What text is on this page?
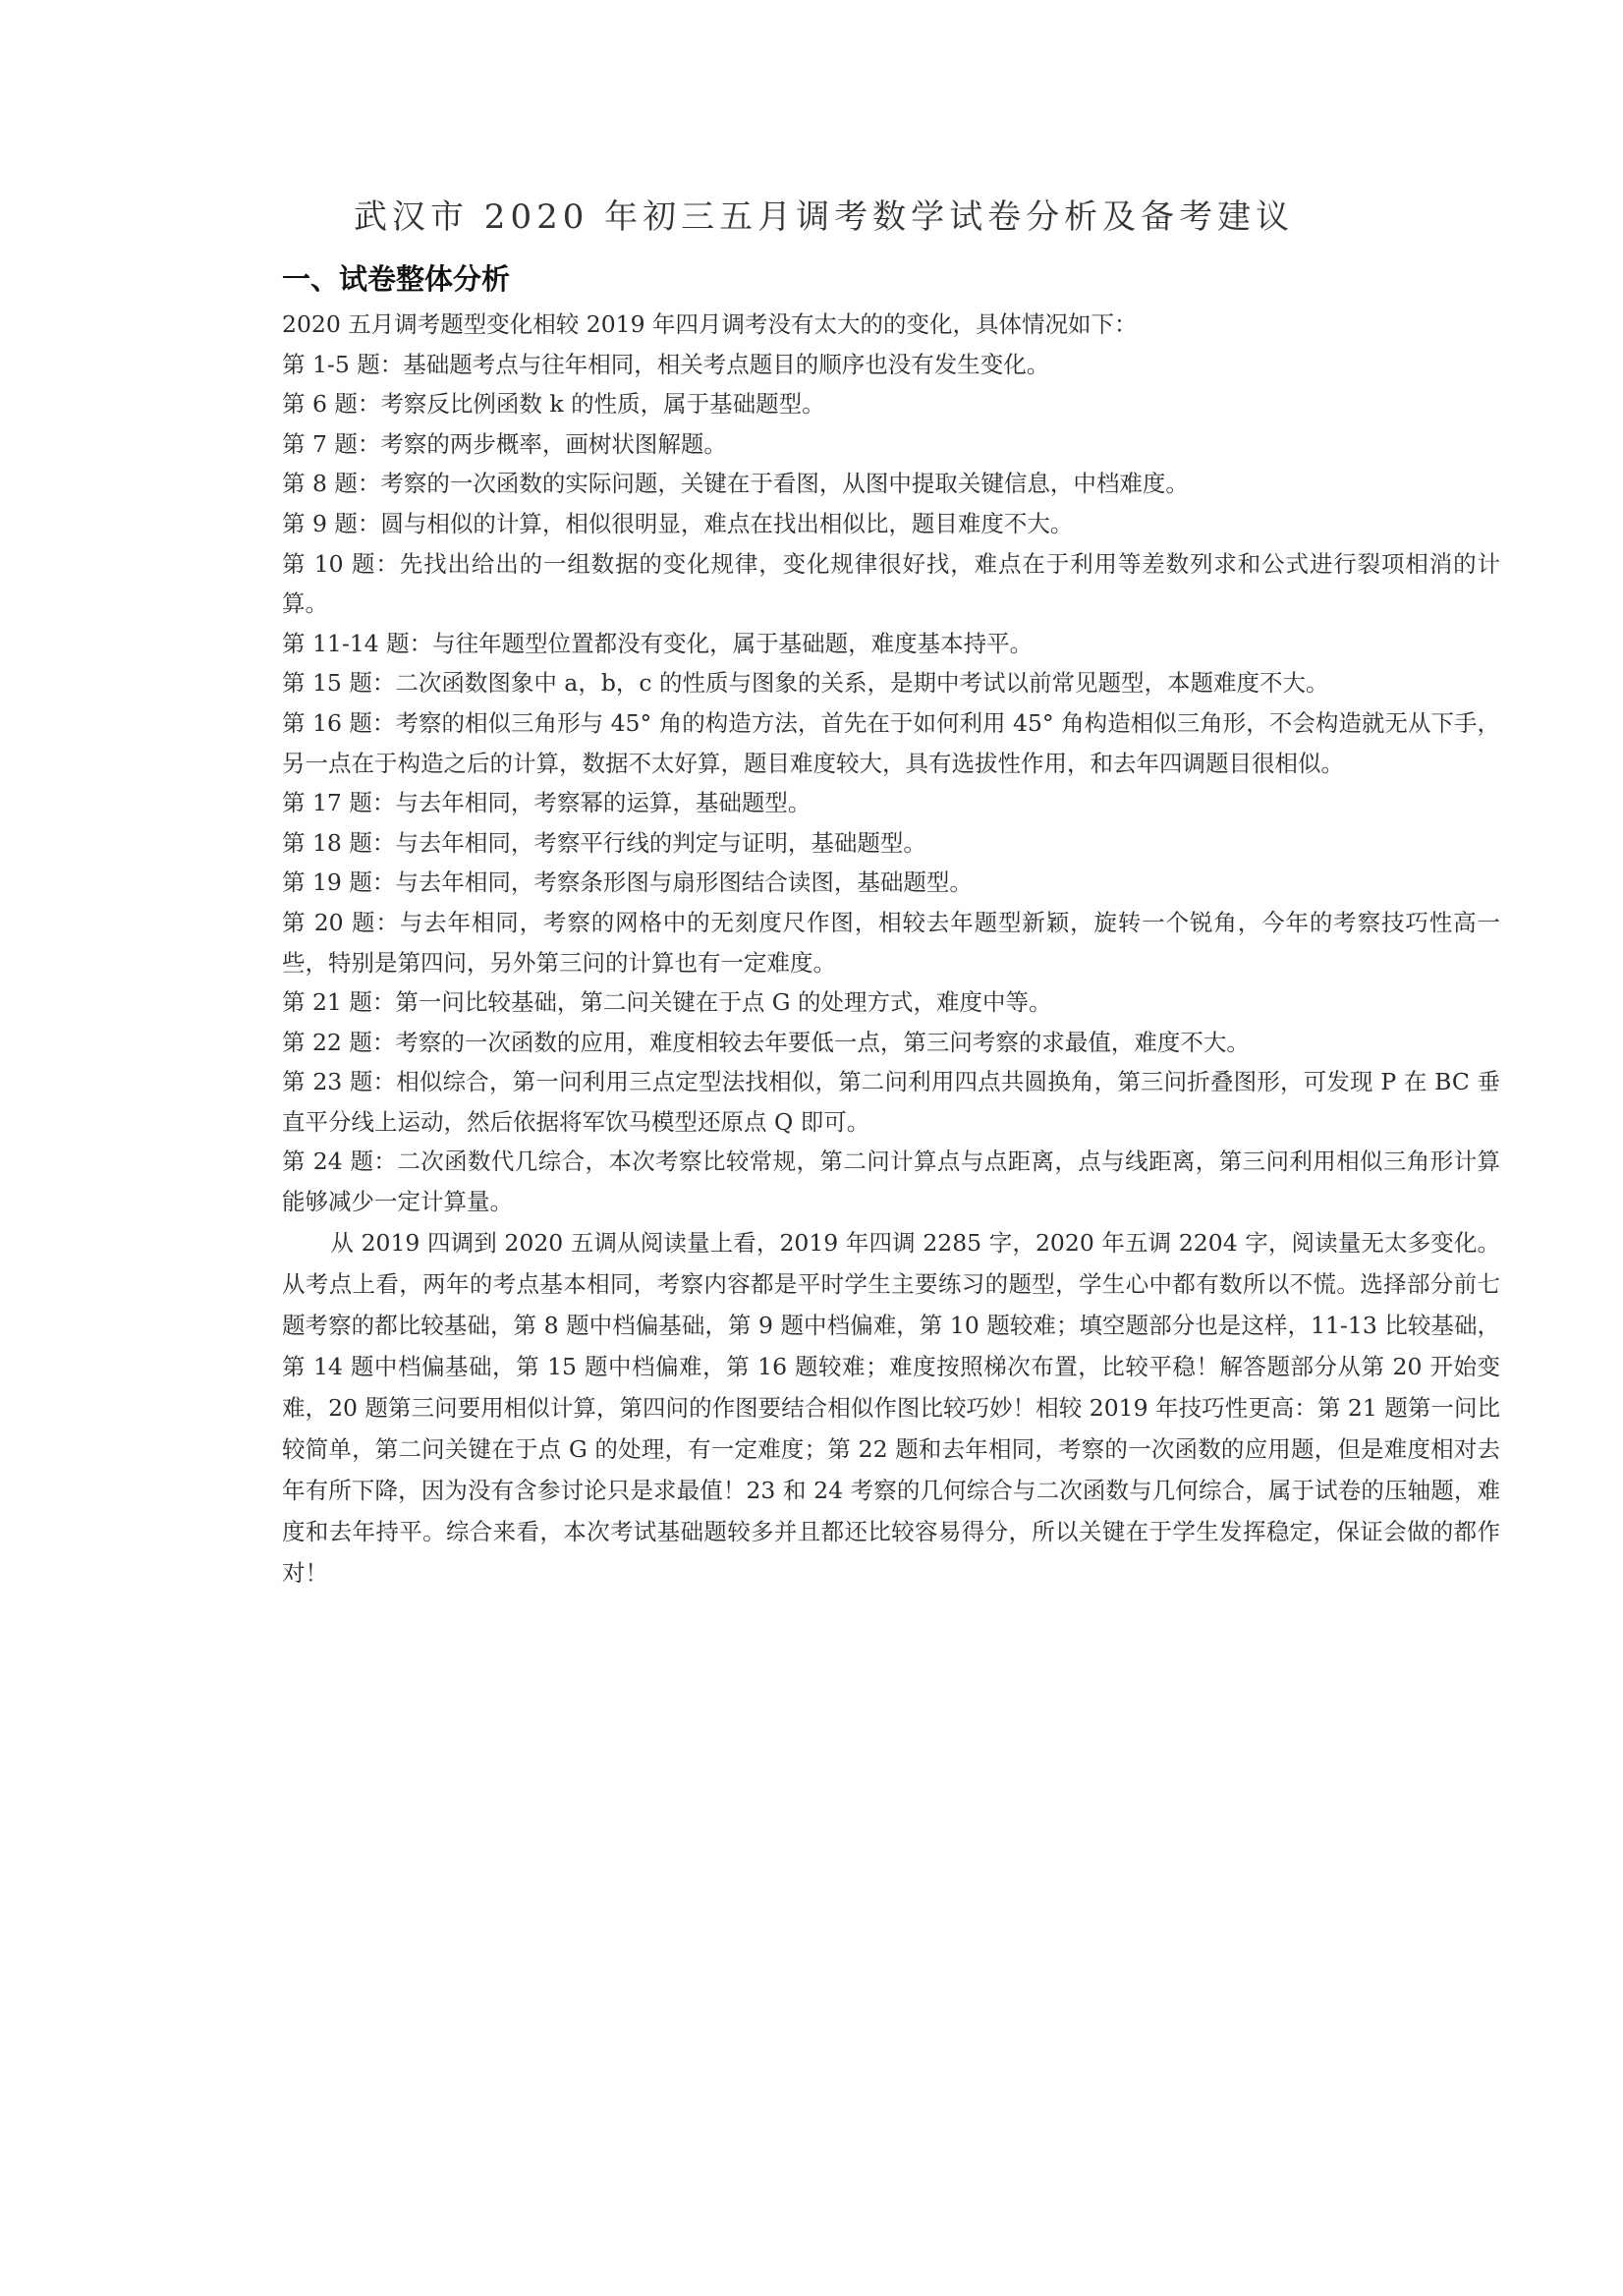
武汉市 2020 年初三五月调考数学试卷分析及备考建议
一、试卷整体分析

2020 五月调考题型变化相较 2019 年四月调考没有太大的的变化，具体情况如下：

第 1-5 题：基础题考点与往年相同，相关考点题目的顺序也没有发生变化。

第 6 题：考察反比例函数 k 的性质，属于基础题型。

第 7 题：考察的两步概率，画树状图解题。

第 8 题：考察的一次函数的实际问题，关键在于看图，从图中提取关键信息，中档难度。

第 9 题：圆与相似的计算，相似很明显，难点在找出相似比，题目难度不大。

第 10 题：先找出给出的一组数据的变化规律，变化规律很好找，难点在于利用等差数列求和公式进行裂项相消的计算。

第 11-14 题：与往年题型位置都没有变化，属于基础题，难度基本持平。

第 15 题：二次函数图象中 a，b，c 的性质与图象的关系，是期中考试以前常见题型，本题难度不大。

第 16 题：考察的相似三角形与 45° 角的构造方法，首先在于如何利用 45° 角构造相似三角形，不会构造就无从下手，另一点在于构造之后的计算，数据不太好算，题目难度较大，具有选拔性作用，和去年四调题目很相似。

第 17 题：与去年相同，考察幂的运算，基础题型。

第 18 题：与去年相同，考察平行线的判定与证明，基础题型。

第 19 题：与去年相同，考察条形图与扇形图结合读图，基础题型。

第 20 题：与去年相同，考察的网格中的无刻度尺作图，相较去年题型新颖，旋转一个锐角，今年的考察技巧性高一些，特别是第四问，另外第三问的计算也有一定难度。

第 21 题：第一问比较基础，第二问关键在于点 G 的处理方式，难度中等。

第 22 题：考察的一次函数的应用，难度相较去年要低一点，第三问考察的求最值，难度不大。

第 23 题：相似综合，第一问利用三点定型法找相似，第二问利用四点共圆换角，第三问折叠图形，可发现 P 在 BC 垂直平分线上运动，然后依据将军饮马模型还原点 Q 即可。

第 24 题：二次函数代几综合，本次考察比较常规，第二问计算点与点距离，点与线距离，第三问利用相似三角形计算能够减少一定计算量。

从 2019 四调到 2020 五调从阅读量上看，2019 年四调 2285 字，2020 年五调 2204 字，阅读量无太多变化。从考点上看，两年的考点基本相同，考察内容都是平时学生主要练习的题型，学生心中都有数所以不慌。选择部分前七题考察的都比较基础，第 8 题中档偏基础，第 9 题中档偏难，第 10 题较难；填空题部分也是这样，11-13 比较基础，第 14 题中档偏基础，第 15 题中档偏难，第 16 题较难；难度按照梯次布置，比较平稳！解答题部分从第 20 开始变难，20 题第三问要用相似计算，第四问的作图要结合相似作图比较巧妙！相较 2019 年技巧性更高：第 21 题第一问比较简单，第二问关键在于点 G 的处理，有一定难度；第 22 题和去年相同，考察的一次函数的应用题，但是难度相对去年有所下降，因为没有含参讨论只是求最值！23 和 24 考察的几何综合与二次函数与几何综合，属于试卷的压轴题，难度和去年持平。综合来看，本次考试基础题较多并且都还比较容易得分，所以关键在于学生发挥稳定，保证会做的都作对！
